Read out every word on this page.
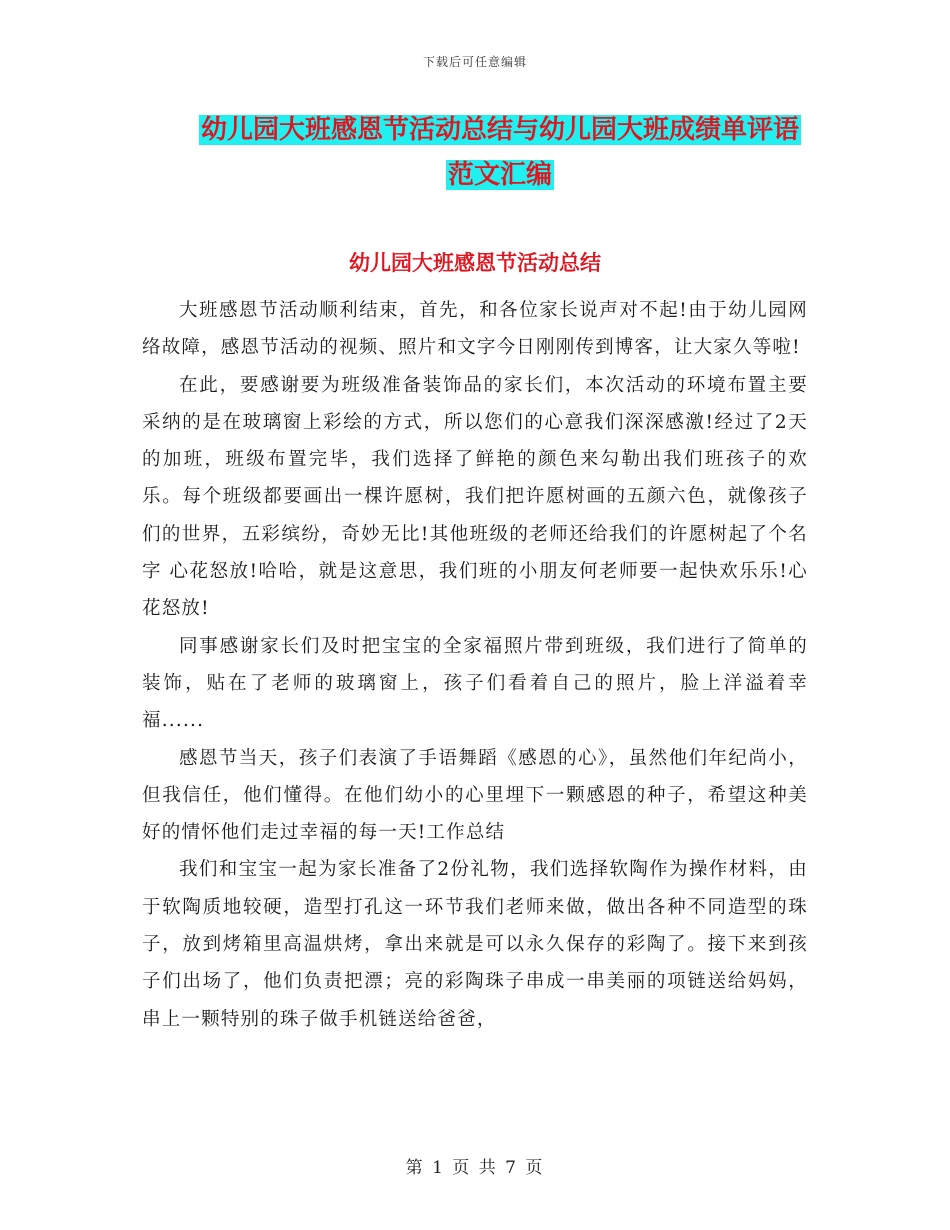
下载后可任意编辑
幼儿园大班感恩节活动总结与幼儿园大班成绩单评语
范文汇编
幼儿园大班感恩节活动总结

大班感恩节活动顺利结束，首先，和各位家长说声对不起!由于幼儿园网络故障，感恩节活动的视频、照片和文字今日刚刚传到博客，让大家久等啦!

在此，要感谢要为班级准备装饰品的家长们，本次活动的环境布置主要采纳的是在玻璃窗上彩绘的方式，所以您们的心意我们深深感激!经过了2天的加班，班级布置完毕，我们选择了鲜艳的颜色来勾勒出我们班孩子的欢乐。每个班级都要画出一棵许愿树，我们把许愿树画的五颜六色，就像孩子们的世界，五彩缤纷，奇妙无比!其他班级的老师还给我们的许愿树起了个名字 心花怒放!哈哈，就是这意思，我们班的小朋友何老师要一起快欢乐乐!心花怒放!

同事感谢家长们及时把宝宝的全家福照片带到班级，我们进行了简单的装饰，贴在了老师的玻璃窗上，孩子们看着自己的照片，脸上洋溢着幸福......

感恩节当天，孩子们表演了手语舞蹈《感恩的心》，虽然他们年纪尚小，但我信任，他们懂得。在他们幼小的心里埋下一颗感恩的种子，希望这种美好的情怀他们走过幸福的每一天!工作总结

我们和宝宝一起为家长准备了2份礼物，我们选择软陶作为操作材料，由于软陶质地较硬，造型打孔这一环节我们老师来做，做出各种不同造型的珠子，放到烤箱里高温烘烤，拿出来就是可以永久保存的彩陶了。接下来到孩子们出场了，他们负责把漂；亮的彩陶珠子串成一串美丽的项链送给妈妈，串上一颗特别的珠子做手机链送给爸爸，

第 1 页 共 7 页
